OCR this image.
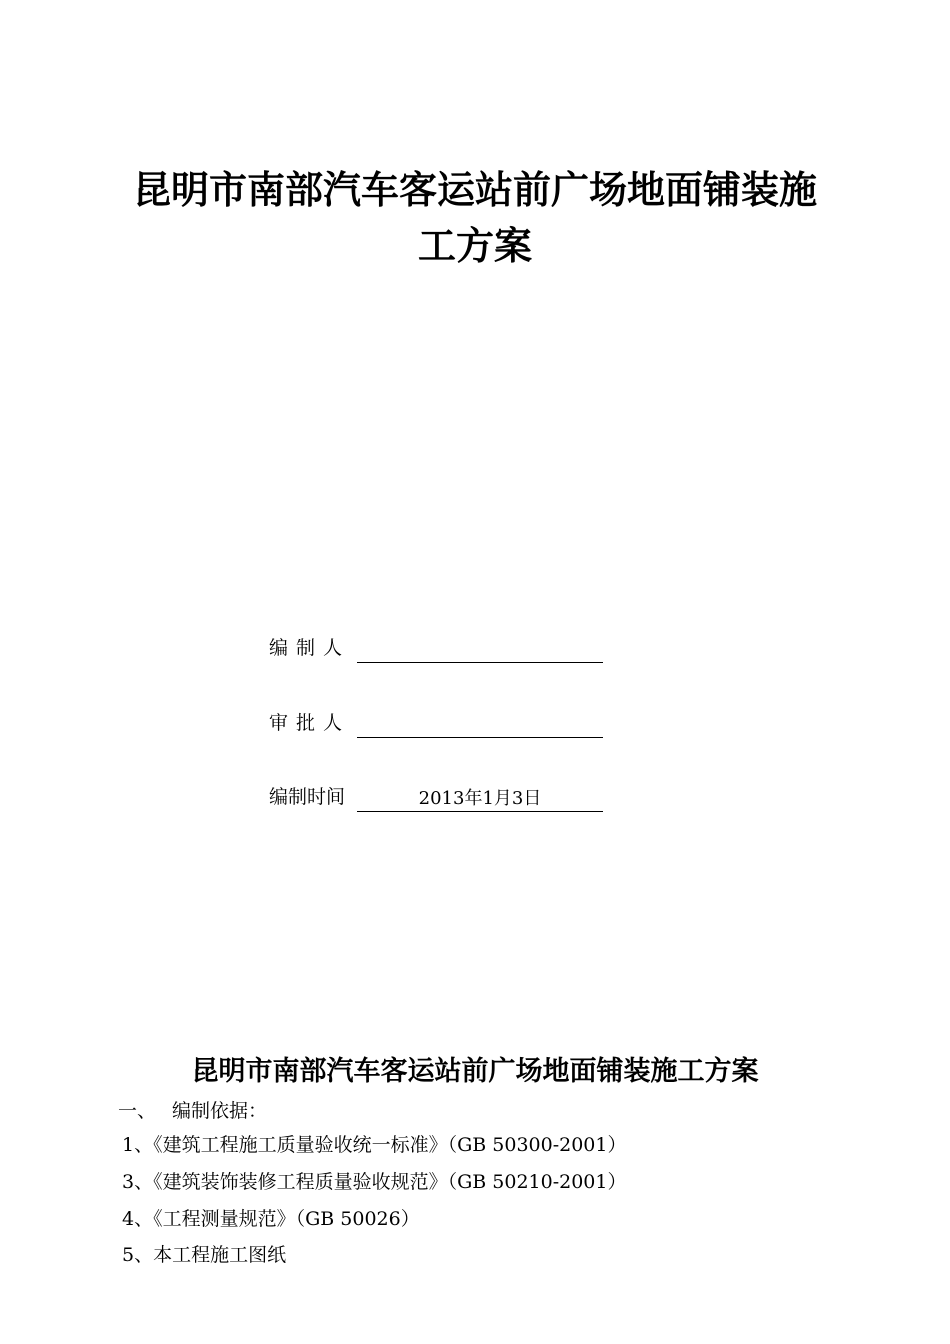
昆明市南部汽车客运站前广场地面铺装施
工方案
编制人
审批人
编制时间	2013年1月3日
昆明市南部汽车客运站前广场地面铺装施工方案
一、 编制依据：
1、《建筑工程施工质量验收统一标准》（GB 50300-2001）
3、《建筑装饰装修工程质量验收规范》（GB 50210-2001）
4、《工程测量规范》（GB 50026）
5、本工程施工图纸
